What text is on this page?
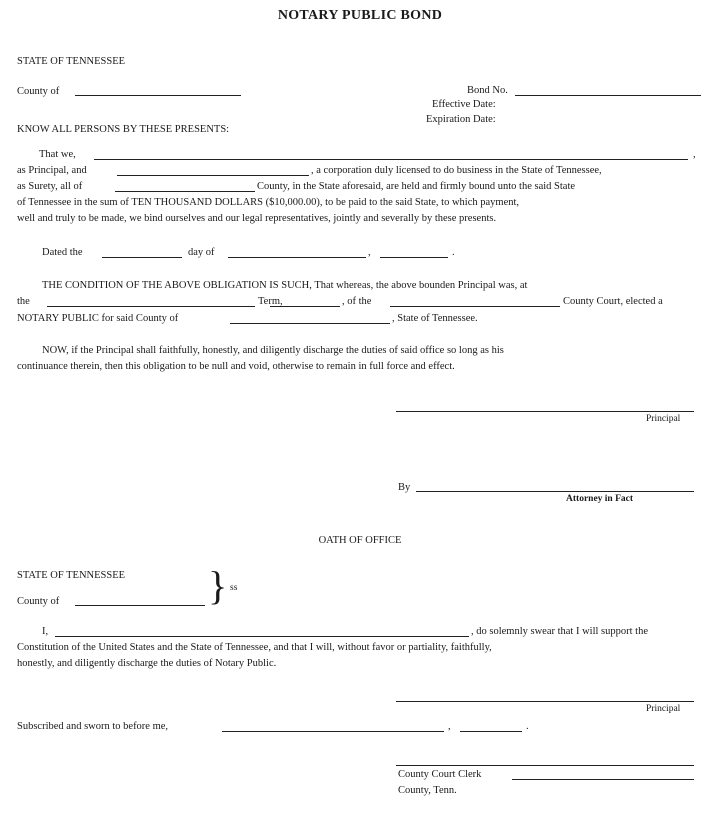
NOTARY PUBLIC BOND
STATE OF TENNESSEE
County of	Bond No.
Effective Date:
Expiration Date:
KNOW ALL PERSONS BY THESE PRESENTS:
That we,	,
as Principal, and	, a corporation duly licensed to do business in the State of Tennessee,
as Surety, all of	County, in the State aforesaid, are held and firmly bound unto the said State
of Tennessee in the sum of TEN THOUSAND DOLLARS ($10,000.00), to be paid to the said State, to which payment,
well and truly to be made, we bind ourselves and our legal representatives, jointly and severally by these presents.
Dated the	day of	,	.
THE CONDITION OF THE ABOVE OBLIGATION IS SUCH, That whereas, the above bounden Principal was, at
the	Term,	, of the	County Court, elected a
NOTARY PUBLIC for said County of	, State of Tennessee.
NOW, if the Principal shall faithfully, honestly, and diligently discharge the duties of said office so long as his
continuance therein, then this obligation to be null and void, otherwise to remain in full force and effect.
Principal
By
Attorney in Fact
OATH OF OFFICE
STATE OF TENNESSEE
County of	} ss
I,	, do solemnly swear that I will support the
Constitution of the United States and the State of Tennessee, and that I will, without favor or partiality, faithfully,
honestly, and diligently discharge the duties of Notary Public.
Principal
Subscribed and sworn to before me,	,	.
County Court Clerk
County, Tenn.
